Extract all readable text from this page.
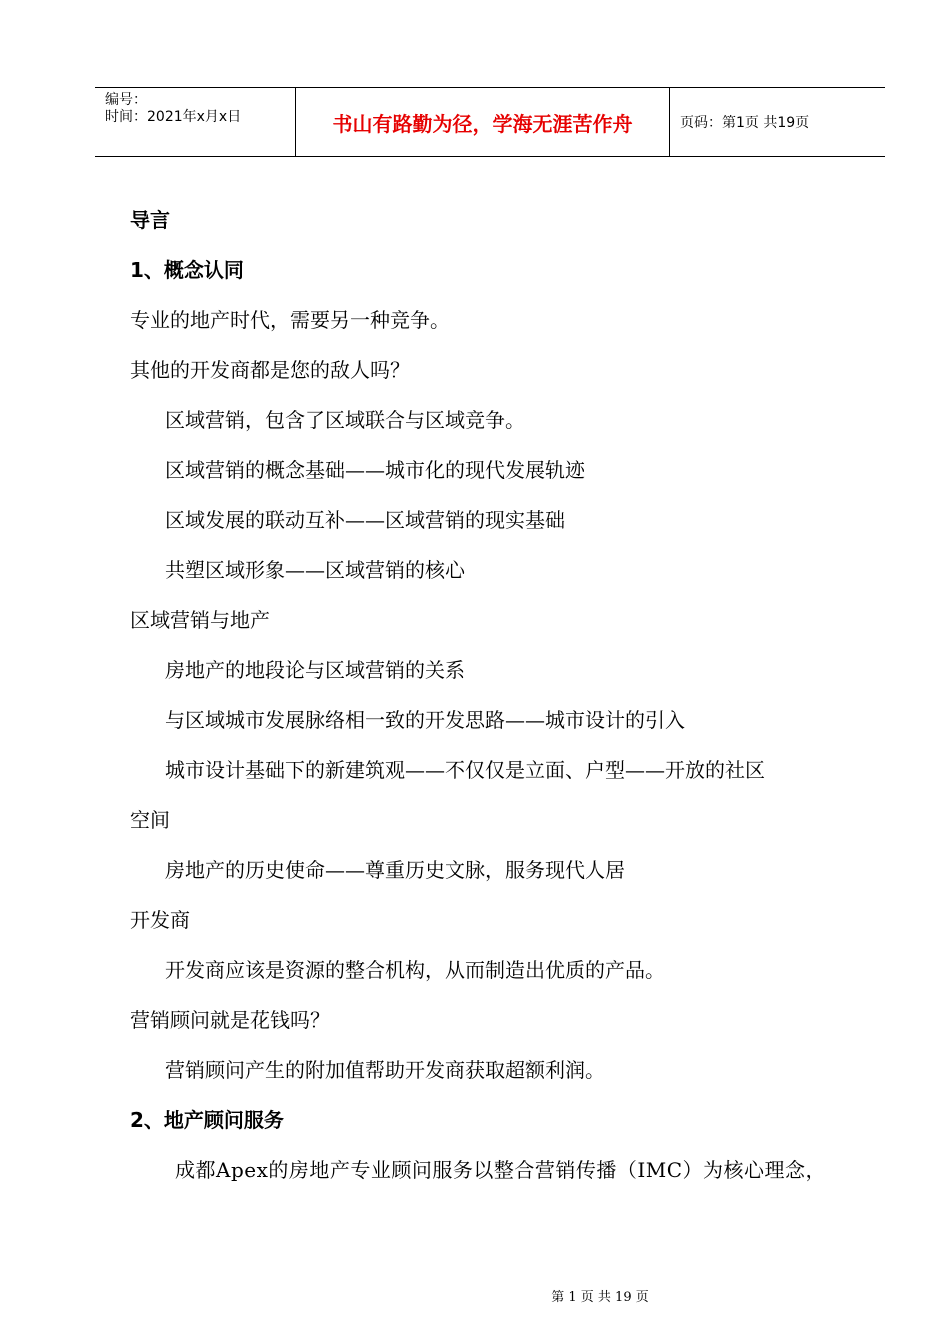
编号：
时间：2021年x月x日	书山有路勤为径，学海无涯苦作舟	页码：第1页 共19页
导言
1、概念认同
专业的地产时代，需要另一种竞争。
其他的开发商都是您的敌人吗？
区域营销，包含了区域联合与区域竞争。
区域营销的概念基础——城市化的现代发展轨迹
区域发展的联动互补——区域营销的现实基础
共塑区域形象——区域营销的核心
区域营销与地产
房地产的地段论与区域营销的关系
与区域城市发展脉络相一致的开发思路——城市设计的引入
城市设计基础下的新建筑观——不仅仅是立面、户型——开放的社区
空间
房地产的历史使命——尊重历史文脉，服务现代人居
开发商
开发商应该是资源的整合机构，从而制造出优质的产品。
营销顾问就是花钱吗？
营销顾问产生的附加值帮助开发商获取超额利润。
2、地产顾问服务
成都Apex的房地产专业顾问服务以整合营销传播（IMC）为核心理念，
第 1 页 共 19 页
